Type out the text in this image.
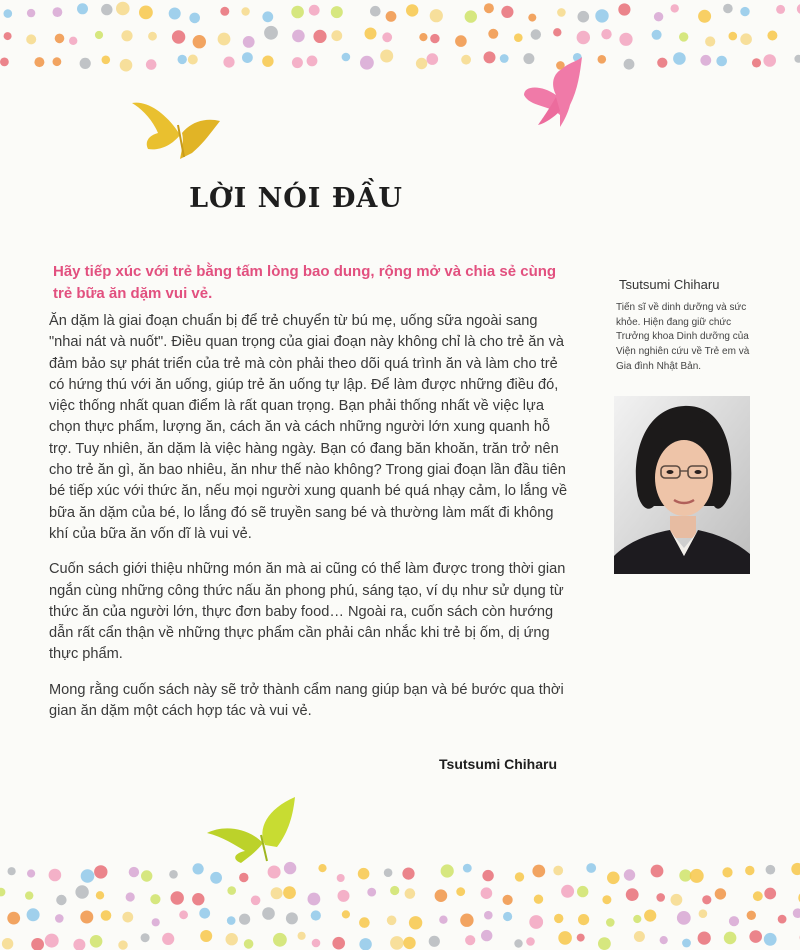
LỜI NÓI ĐẦU
Hãy tiếp xúc với trẻ bằng tấm lòng bao dung, rộng mở và chia sẻ cùng trẻ bữa ăn dặm vui vẻ.

Ăn dặm là giai đoạn chuẩn bị để trẻ chuyển từ bú mẹ, uống sữa ngoài sang "nhai nát và nuốt". Điều quan trọng của giai đoạn này không chỉ là cho trẻ ăn và đảm bảo sự phát triển của trẻ mà còn phải theo dõi quá trình ăn và làm cho trẻ có hứng thú với ăn uống, giúp trẻ ăn uống tự lập. Để làm được những điều đó, việc thống nhất quan điểm là rất quan trọng. Bạn phải thống nhất về việc lựa chọn thực phẩm, lượng ăn, cách ăn và cách những người lớn xung quanh hỗ trợ. Tuy nhiên, ăn dặm là việc hàng ngày. Bạn có đang băn khoăn, trăn trở nên cho trẻ ăn gì, ăn bao nhiêu, ăn như thế nào không? Trong giai đoạn lần đầu tiên bé tiếp xúc với thức ăn, nếu mọi người xung quanh bé quá nhạy cảm, lo lắng về bữa ăn dặm của bé, lo lắng đó sẽ truyền sang bé và thường làm mất đi không khí của bữa ăn vốn dĩ là vui vẻ.

Cuốn sách giới thiệu những món ăn mà ai cũng có thể làm được trong thời gian ngắn cùng những công thức nấu ăn phong phú, sáng tạo, ví dụ như sử dụng từ thức ăn của người lớn, thực đơn baby food… Ngoài ra, cuốn sách còn hướng dẫn rất cẩn thận về những thực phẩm cần phải cân nhắc khi trẻ bị ốm, dị ứng thực phẩm.

Mong rằng cuốn sách này sẽ trở thành cẩm nang giúp bạn và bé bước qua thời gian ăn dặm một cách hợp tác và vui vẻ.

Tsutsumi Chiharu
Tsutsumi Chiharu
Tiến sĩ về dinh dưỡng và sức khỏe. Hiện đang giữ chức Trưởng khoa Dinh dưỡng của Viện nghiên cứu về Trẻ em và Gia đình Nhật Bản.
